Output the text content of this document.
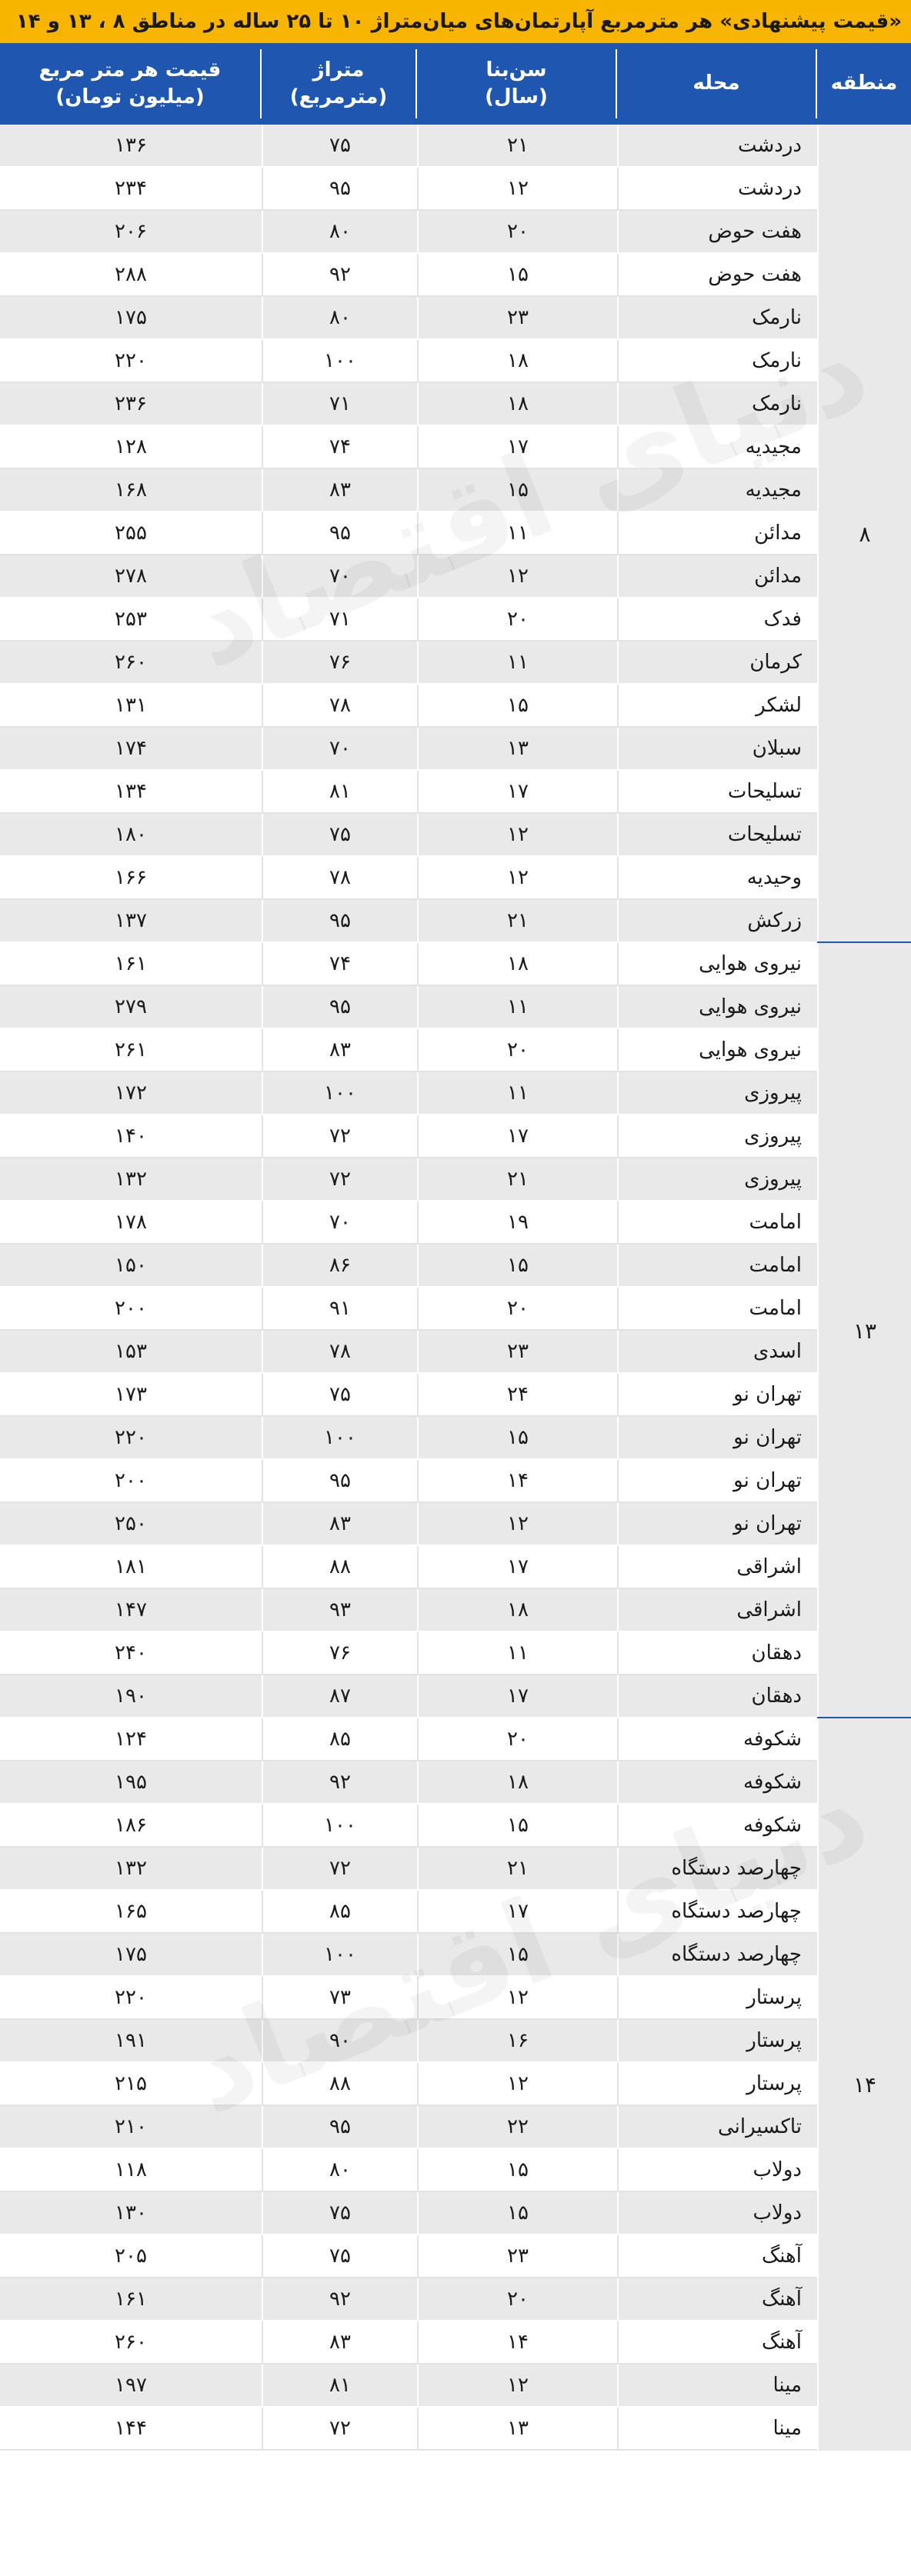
«قیمت پیشنهادی» هر مترمربع آپارتمان‌های میان‌متراژ ۱۰ تا ۲۵ ساله در مناطق ۸ ، ۱۳ و ۱۴
منطقه
محله
سن‌بنا (سال)
متراژ (مترمربع)
قیمت هر متر مربع (میلیون تومان)
دردشت
۲۱
۷۵
۱۳۶
دردشت
۱۲
۹۵
۲۳۴
هفت حوض
۲۰
۸۰
۲۰۶
هفت حوض
۱۵
۹۲
۲۸۸
نارمک
۲۳
۸۰
۱۷۵
نارمک
۱۸
۱۰۰
۲۲۰
نارمک
۱۸
۷۱
۲۳۶
مجیدیه
۱۷
۷۴
۱۲۸
مجیدیه
۱۵
۸۳
۱۶۸
مدائن
۱۱
۹۵
۲۵۵
مدائن
۱۲
۷۰
۲۷۸
فدک
۲۰
۷۱
۲۵۳
کرمان
۱۱
۷۶
۲۶۰
لشکر
۱۵
۷۸
۱۳۱
سبلان
۱۳
۷۰
۱۷۴
تسلیحات
۱۷
۸۱
۱۳۴
تسلیحات
۱۲
۷۵
۱۸۰
وحیدیه
۱۲
۷۸
۱۶۶
زرکش
۲۱
۹۵
۱۳۷
۸
نیروی هوایی
۱۸
۷۴
۱۶۱
نیروی هوایی
۱۱
۹۵
۲۷۹
نیروی هوایی
۲۰
۸۳
۲۶۱
پیروزی
۱۱
۱۰۰
۱۷۲
پیروزی
۱۷
۷۲
۱۴۰
پیروزی
۲۱
۷۲
۱۳۲
امامت
۱۹
۷۰
۱۷۸
امامت
۱۵
۸۶
۱۵۰
امامت
۲۰
۹۱
۲۰۰
اسدی
۲۳
۷۸
۱۵۳
تهران نو
۲۴
۷۵
۱۷۳
تهران نو
۱۵
۱۰۰
۲۲۰
تهران نو
۱۴
۹۵
۲۰۰
تهران نو
۱۲
۸۳
۲۵۰
اشراقی
۱۷
۸۸
۱۸۱
اشراقی
۱۸
۹۳
۱۴۷
دهقان
۱۱
۷۶
۲۴۰
دهقان
۱۷
۸۷
۱۹۰
۱۳
شکوفه
۲۰
۸۵
۱۲۴
شکوفه
۱۸
۹۲
۱۹۵
شکوفه
۱۵
۱۰۰
۱۸۶
چهارصد دستگاه
۲۱
۷۲
۱۳۲
چهارصد دستگاه
۱۷
۸۵
۱۶۵
چهارصد دستگاه
۱۵
۱۰۰
۱۷۵
پرستار
۱۲
۷۳
۲۲۰
پرستار
۱۶
۹۰
۱۹۱
پرستار
۱۲
۸۸
۲۱۵
تاکسیرانی
۲۲
۹۵
۲۱۰
دولاب
۱۵
۸۰
۱۱۸
دولاب
۱۵
۷۵
۱۳۰
آهنگ
۲۳
۷۵
۲۰۵
آهنگ
۲۰
۹۲
۱۶۱
آهنگ
۱۴
۸۳
۲۶۰
مینا
۱۲
۸۱
۱۹۷
مینا
۱۳
۷۲
۱۴۴
۱۴
